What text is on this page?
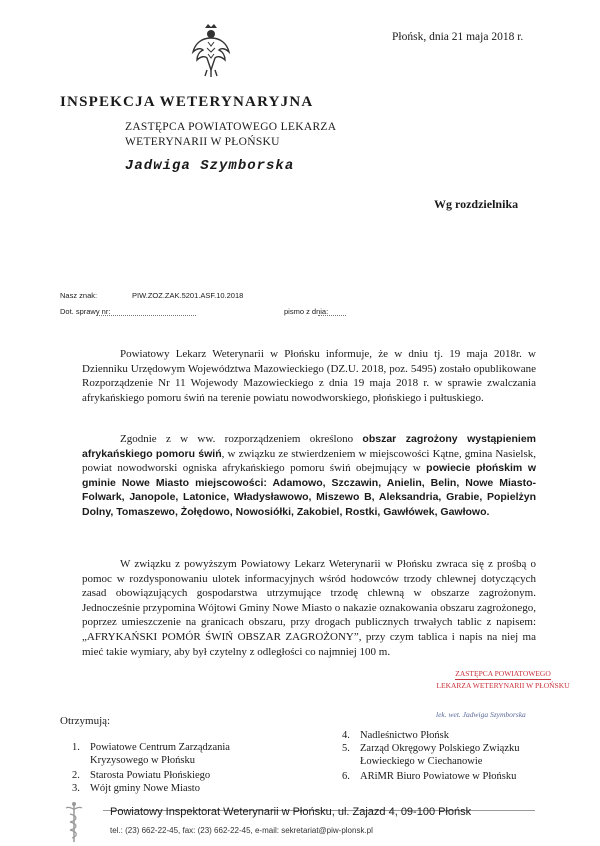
Płońsk, dnia 21 maja 2018 r.
INSPEKCJA WETERYNARYJNA
ZASTĘPCA POWIATOWEGO LEKARZA
WETERYNARII W PŁOŃSKU
Jadwiga Szymborska
Wg rozdzielnika
Nasz znak:	PIW.ZOZ.ZAK.5201.ASF.10.2018
Dot. sprawy nr:	pismo z dnia:

Powiatowy Lekarz Weterynarii w Płońsku informuje, że w dniu tj. 19 maja 2018r. w Dzienniku Urzędowym Województwa Mazowieckiego (DZ.U. 2018, poz. 5495) zostało opublikowane Rozporządzenie Nr 11 Wojewody Mazowieckiego z dnia 19 maja 2018 r. w sprawie zwalczania afrykańskiego pomoru świń na terenie powiatu nowodworskiego, płońskiego i pułtuskiego.

Zgodnie z w ww. rozporządzeniem określono obszar zagrożony wystąpieniem afrykańskiego pomoru świń, w związku ze stwierdzeniem w miejscowości Kątne, gmina Nasielsk, powiat nowodworski ogniska afrykańskiego pomoru świń obejmujący w powiecie płońskim w gminie Nowe Miasto miejscowości: Adamowo, Szczawin, Anielin, Belin, Nowe Miasto-Folwark, Janopole, Latonice, Władysławowo, Miszewo B, Aleksandria, Grabie, Popielżyn Dolny, Tomaszewo, Żołędowo, Nowosiółki, Zakobiel, Rostki, Gawłówek, Gawłowo.

W związku z powyższym Powiatowy Lekarz Weterynarii w Płońsku zwraca się z prośbą o pomoc w rozdysponowaniu ulotek informacyjnych wśród hodowców trzody chlewnej dotyczących zasad obowiązujących gospodarstwa utrzymujące trzodę chlewną w obszarze zagrożonym. Jednocześnie przypomina Wójtowi Gminy Nowe Miasto o nakazie oznakowania obszaru zagrożonego, poprzez umieszczenie na granicach obszaru, przy drogach publicznych trwałych tablic z napisem: „AFRYKAŃSKI POMÓR ŚWIŃ OBSZAR ZAGROŻONY”, przy czym tablica i napis na niej ma mieć takie wymiary, aby był czytelny z odległości co najmniej 100 m.

ZASTĘPCA POWIATOWEGO
LEKARZA WETERYNARII W PŁOŃSKU
lek. wet. Jadwiga Szymborska
Otrzymują:
1. Powiatowe Centrum Zarządzania
Kryzysowego w Płońsku
2. Starosta Powiatu Płońskiego
3. Wójt gminy Nowe Miasto
4. Nadleśnictwo Płońsk
5. Zarząd Okręgowy Polskiego Związku
Łowieckiego w Ciechanowie
6. ARiMR Biuro Powiatowe w Płońsku
Powiatowy Inspektorat Weterynarii w Płońsku, ul. Zajazd 4, 09-100 Płońsk
tel.: (23) 662-22-45, fax: (23) 662-22-45, e-mail: sekretariat@piw-plonsk.pl
